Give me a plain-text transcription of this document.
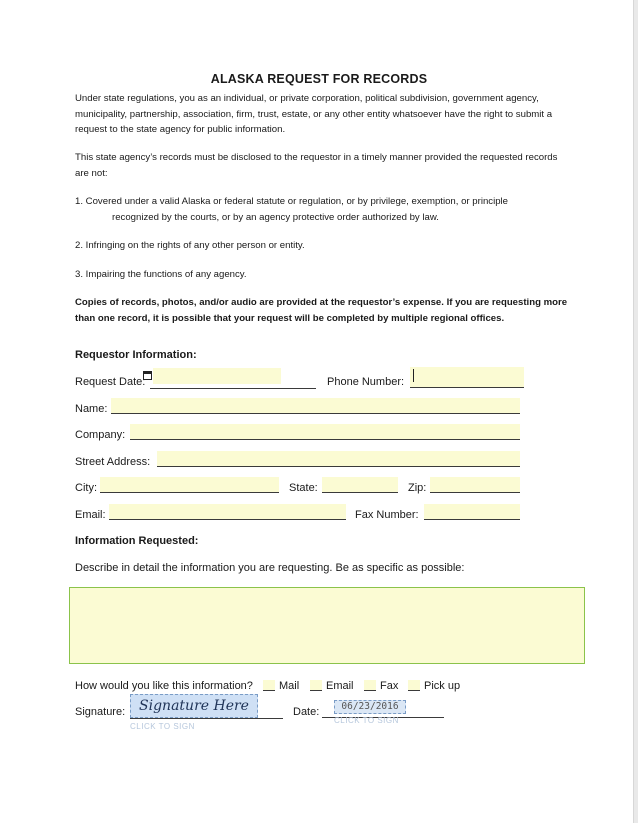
ALASKA REQUEST FOR RECORDS

Under state regulations, you as an individual, or private corporation, political subdivision, government agency, municipality, partnership, association, firm, trust, estate, or any other entity whatsoever have the right to submit a request to the state agency for public information.

This state agency’s records must be disclosed to the requestor in a timely manner provided the requested records are not:

1. Covered under a valid Alaska or federal statute or regulation, or by privilege, exemption, or principle

recognized by the courts, or by an agency protective order authorized by law.

2. Infringing on the rights of any other person or entity.

3. Impairing the functions of any agency.

Copies of records, photos, and/or audio are provided at the requestor’s expense. If you are requesting more than one record, it is possible that your request will be completed by multiple regional offices.

Requestor Information:
Request Date:	Phone Number:
Name:
Company:
Street Address:
City:	State:	Zip:
Email:	Fax Number:
Information Requested:
Describe in detail the information you are requesting. Be as specific as possible:
How would you like this information? Mail Email Fax Pick up
Signature: Signature Here
CLICK TO SIGN
Date:	06/23/2016
CLICK TO SIGN
